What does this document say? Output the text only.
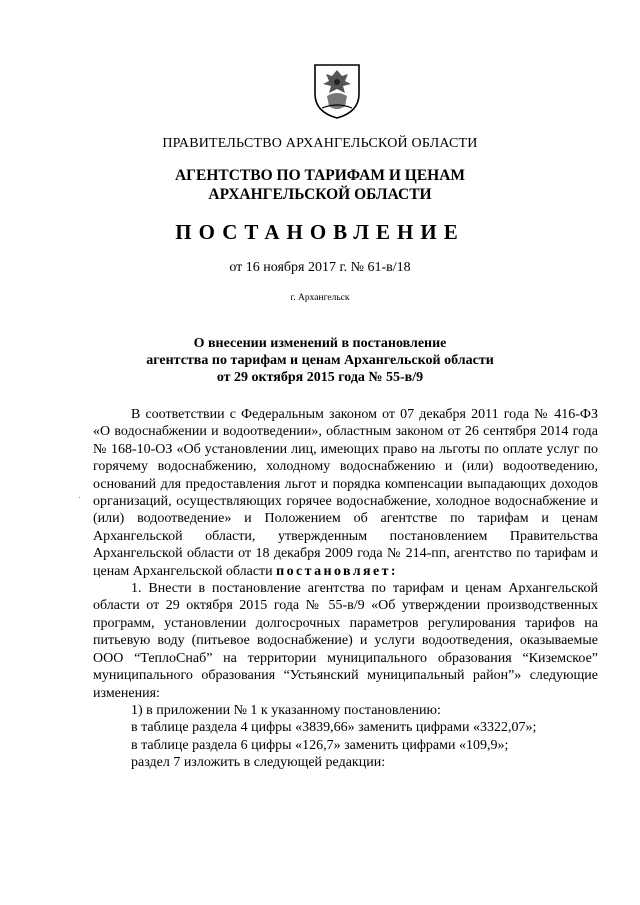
ПРАВИТЕЛЬСТВО АРХАНГЕЛЬСКОЙ ОБЛАСТИ
АГЕНТСТВО ПО ТАРИФАМ И ЦЕНАМ
АРХАНГЕЛЬСКОЙ ОБЛАСТИ
ПОСТАНОВЛЕНИЕ
от 16 ноября 2017 г. № 61-в/18
г. Архангельск
О внесении изменений в постановление
агентства по тарифам и ценам Архангельской области
от 29 октября 2015 года № 55-в/9
·

В соответствии с Федеральным законом от 07 декабря 2011 года № 416-ФЗ «О водоснабжении и водоотведении», областным законом от 26 сентября 2014 года № 168-10-ОЗ «Об установлении лиц, имеющих право на льготы по оплате услуг по горячему водоснабжению, холодному водоснабжению и (или) водоотведению, оснований для предоставления льгот и порядка компенсации выпадающих доходов организаций, осуществляющих горячее водоснабжение, холодное водоснабжение и (или) водоотведение» и Положением об агентстве по тарифам и ценам Архангельской области, утвержденным постановлением Правительства Архангельской области от 18 декабря 2009 года № 214-пп, агентство по тарифам и ценам Архангельской области постановляет:

1. Внести в постановление агентства по тарифам и ценам Архангельской области от 29 октября 2015 года № 55-в/9 «Об утверждении производственных программ, установлении долгосрочных параметров регулирования тарифов на питьевую воду (питьевое водоснабжение) и услуги водоотведения, оказываемые ООО “ТеплоСнаб” на территории муниципального образования “Киземское” муниципального образования “Устьянский муниципальный район”» следующие изменения:

1) в приложении № 1 к указанному постановлению:

в таблице раздела 4 цифры «3839,66» заменить цифрами «3322,07»;

в таблице раздела 6 цифры «126,7» заменить цифрами «109,9»;

раздел 7 изложить в следующей редакции:
